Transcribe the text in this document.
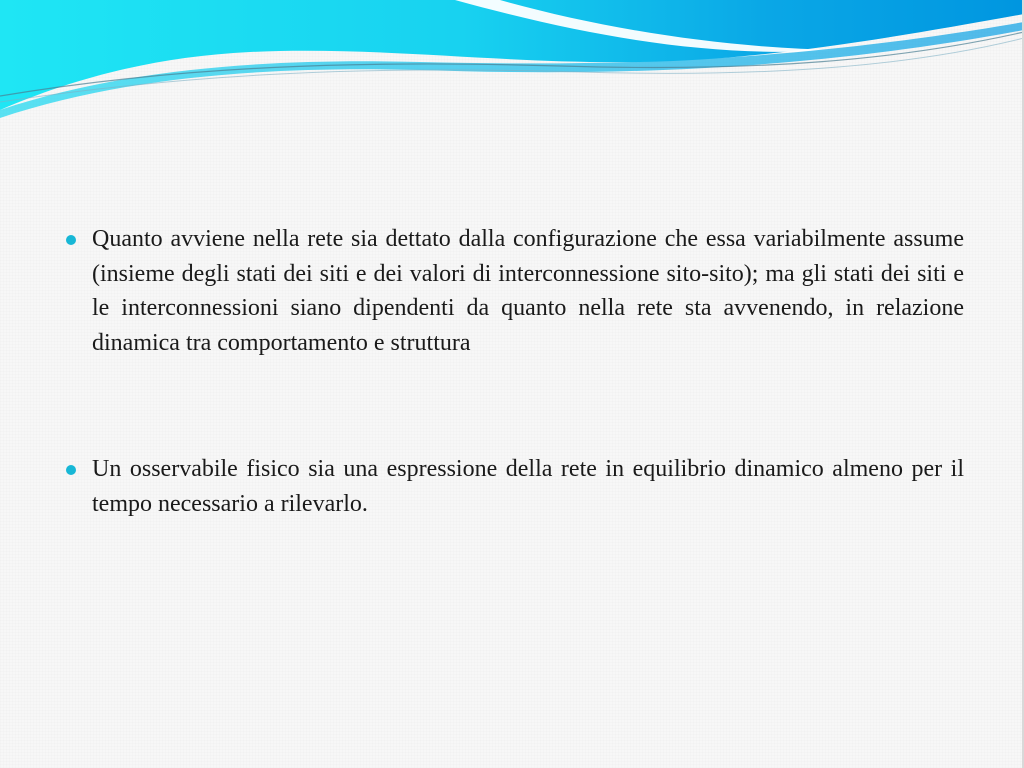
Quanto avviene nella rete sia dettato dalla configurazione che essa variabilmente assume (insieme degli stati dei siti e dei valori di interconnessione sito-sito); ma gli stati dei siti e le interconnessioni siano dipendenti da quanto nella rete sta avvenendo, in relazione dinamica tra comportamento e struttura
Un osservabile fisico sia una espressione della rete in equilibrio dinamico almeno per il tempo necessario a rilevarlo.
